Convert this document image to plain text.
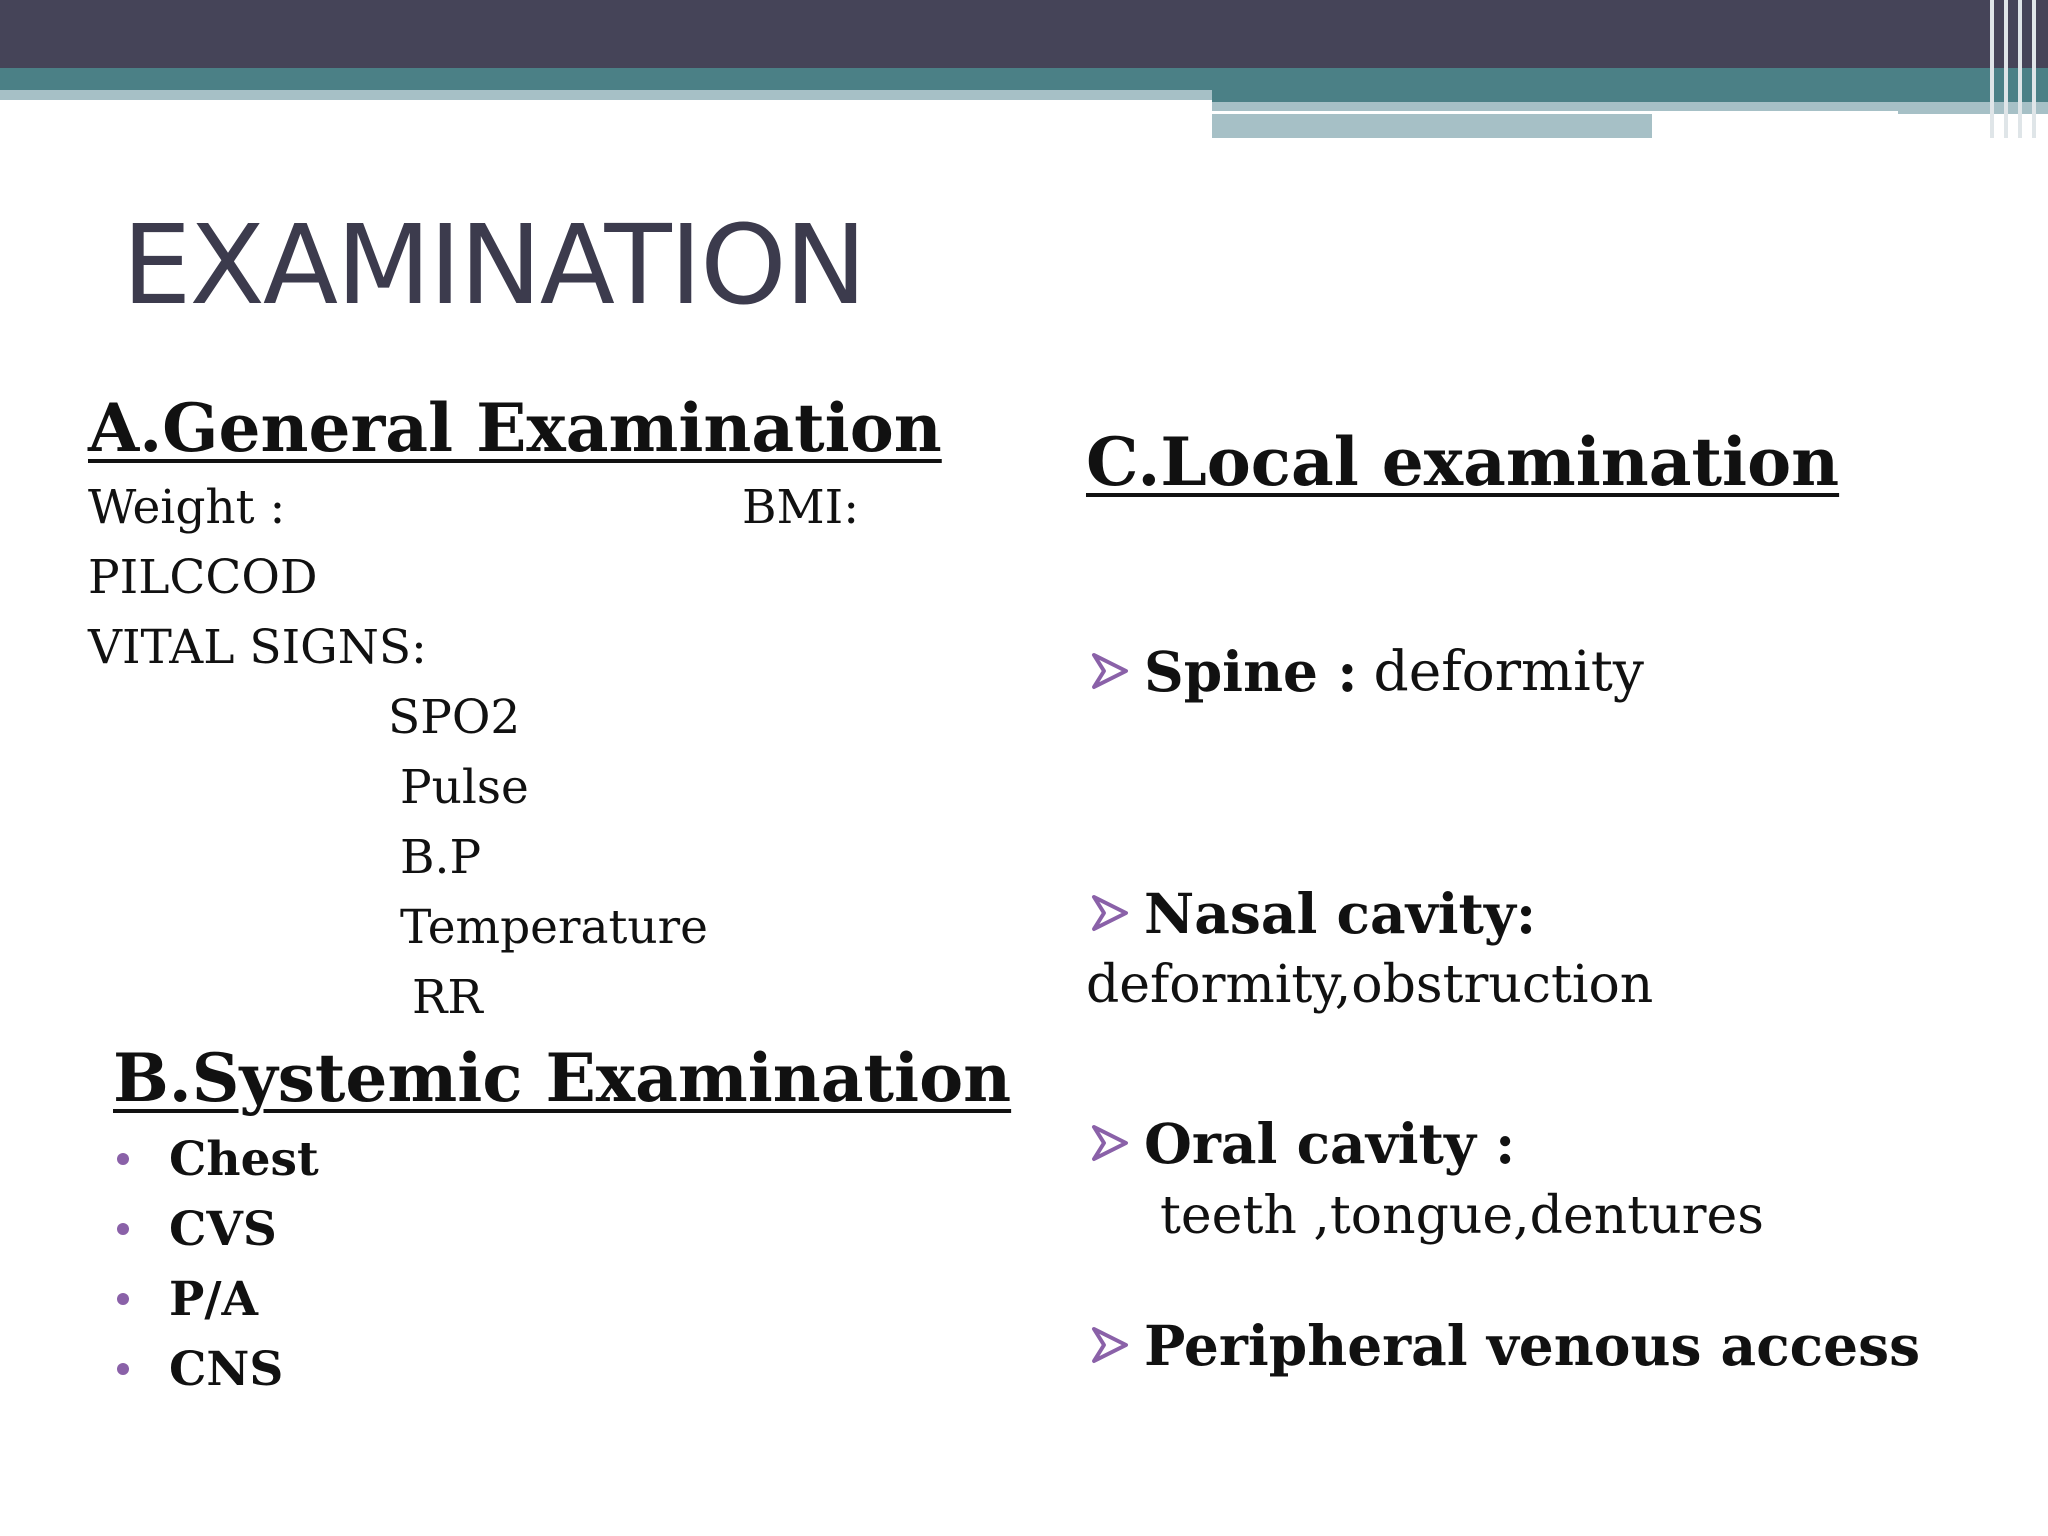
EXAMINATION
A.General Examination
Weight :	BMI:
PILCCOD
VITAL SIGNS:
SPO2
Pulse
B.P
Temperature
RR
B.Systemic Examination
Chest
CVS
P/A
CNS
C.Local examination
Spine : deformity
Nasal cavity:
deformity,obstruction
Oral cavity :
teeth ,tongue,dentures
Peripheral venous access
